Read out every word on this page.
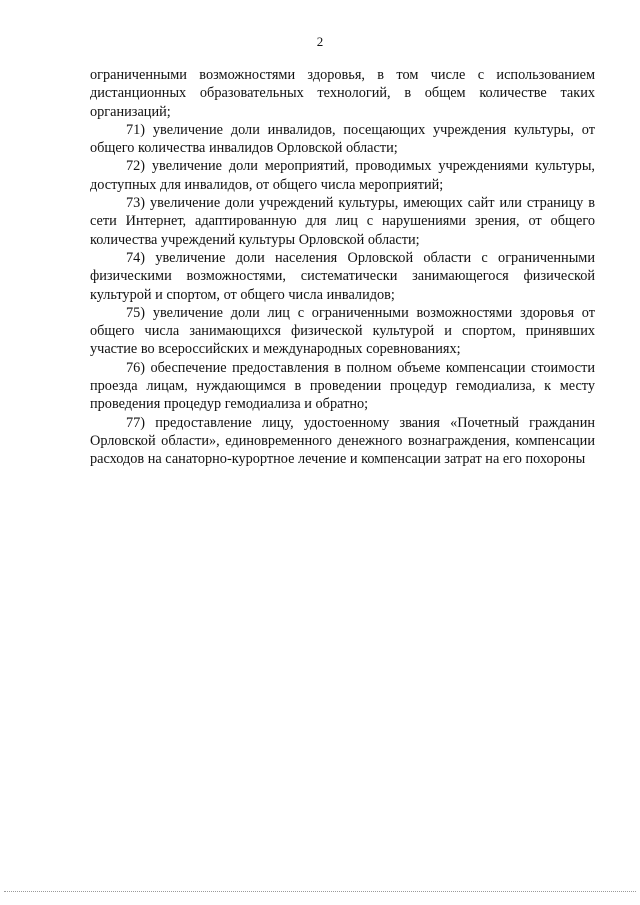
2

ограниченными возможностями здоровья, в том числе с использованием дистанционных образовательных технологий, в общем количестве таких организаций;

71) увеличение доли инвалидов, посещающих учреждения культуры, от общего количества инвалидов Орловской области;

72) увеличение доли мероприятий, проводимых учреждениями культуры, доступных для инвалидов, от общего числа мероприятий;

73) увеличение доли учреждений культуры, имеющих сайт или страницу в сети Интернет, адаптированную для лиц с нарушениями зрения, от общего количества учреждений культуры Орловской области;

74) увеличение доли населения Орловской области с ограниченными физическими возможностями, систематически занимающегося физической культурой и спортом, от общего числа инвалидов;

75) увеличение доли лиц с ограниченными возможностями здоровья от общего числа занимающихся физической культурой и спортом, принявших участие во всероссийских и международных соревнованиях;

76) обеспечение предоставления в полном объеме компенсации стоимости проезда лицам, нуждающимся в проведении процедур гемодиализа, к месту проведения процедур гемодиализа и обратно;

77) предоставление лицу, удостоенному звания «Почетный гражданин Орловской области», единовременного денежного вознаграждения, компенсации расходов на санаторно-курортное лечение и компенсации затрат на его похороны
